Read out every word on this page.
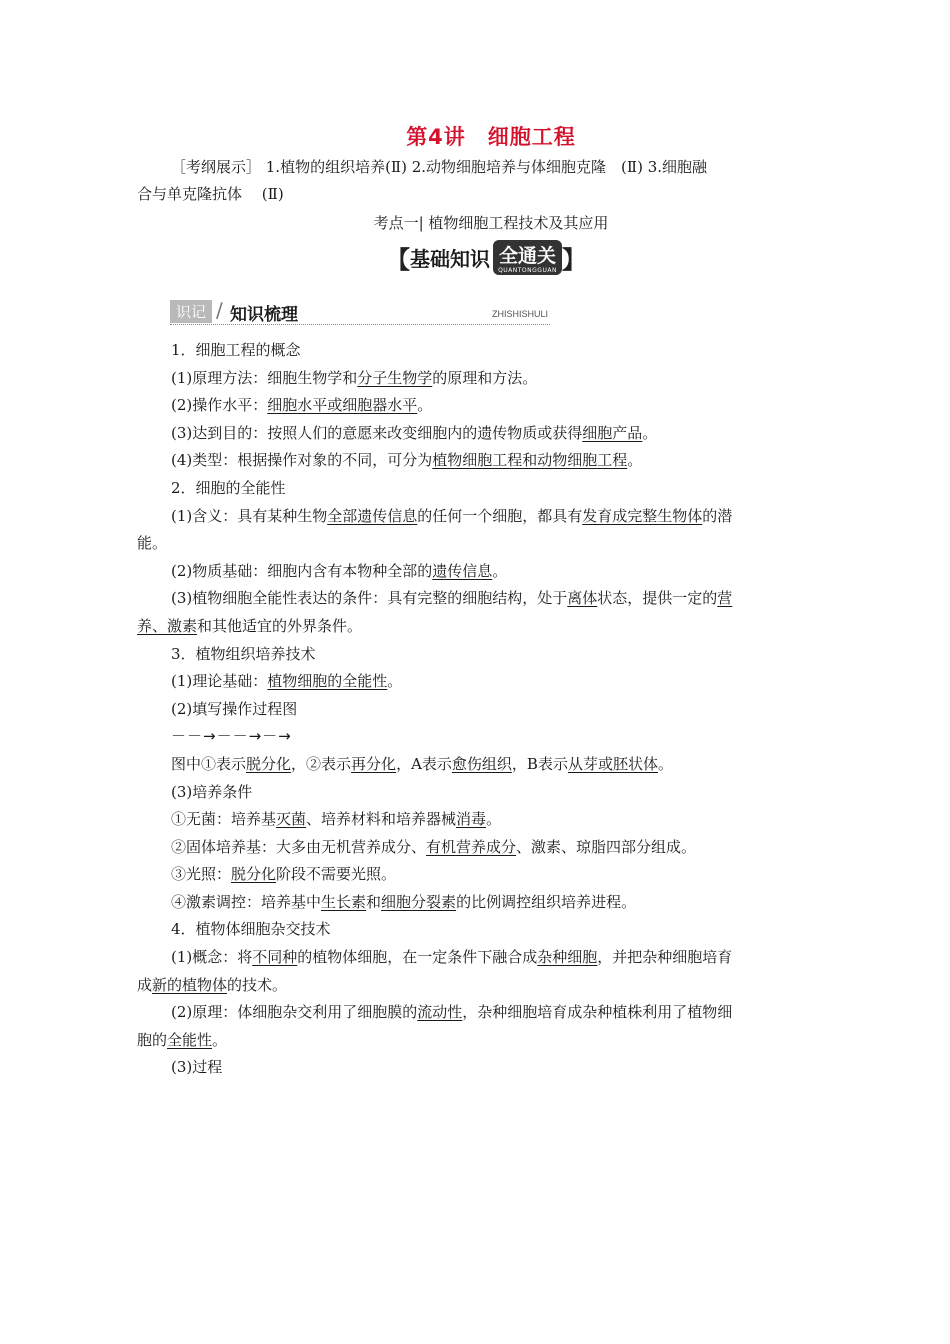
第4讲　细胞工程
［考纲展示］ 1.植物的组织培养(Ⅱ) 2.动物细胞培养与体细胞克隆　(Ⅱ) 3.细胞融
合与单克隆抗体　 (Ⅱ)
考点一| 植物细胞工程技术及其应用
【 基础知识 全通关
QUANTONGGUAN 】
识记 ∕ 知识梳理	ZHISHISHULI

1．细胞工程的概念

(1)原理方法：细胞生物学和分子生物学的原理和方法。

(2)操作水平：细胞水平或细胞器水平。

(3)达到目的：按照人们的意愿来改变细胞内的遗传物质或获得细胞产品。

(4)类型：根据操作对象的不同，可分为植物细胞工程和动物细胞工程。

2．细胞的全能性

(1)含义：具有某种生物全部遗传信息的任何一个细胞，都具有发育成完整生物体的潜

能。

(2)物质基础：细胞内含有本物种全部的遗传信息。

(3)植物细胞全能性表达的条件：具有完整的细胞结构，处于离体状态，提供一定的营

养、激素和其他适宜的外界条件。

3．植物组织培养技术

(1)理论基础：植物细胞的全能性。

(2)填写操作过程图

－－→－－→－→

图中①表示脱分化，②表示再分化，A表示愈伤组织，B表示从芽或胚状体。

(3)培养条件

①无菌：培养基灭菌、培养材料和培养器械消毒。

②固体培养基：大多由无机营养成分、有机营养成分、激素、琼脂四部分组成。

③光照：脱分化阶段不需要光照。

④激素调控：培养基中生长素和细胞分裂素的比例调控组织培养进程。

4．植物体细胞杂交技术

(1)概念：将不同种的植物体细胞，在一定条件下融合成杂种细胞，并把杂种细胞培育

成新的植物体的技术。

(2)原理：体细胞杂交利用了细胞膜的流动性，杂种细胞培育成杂种植株利用了植物细

胞的全能性。

(3)过程
